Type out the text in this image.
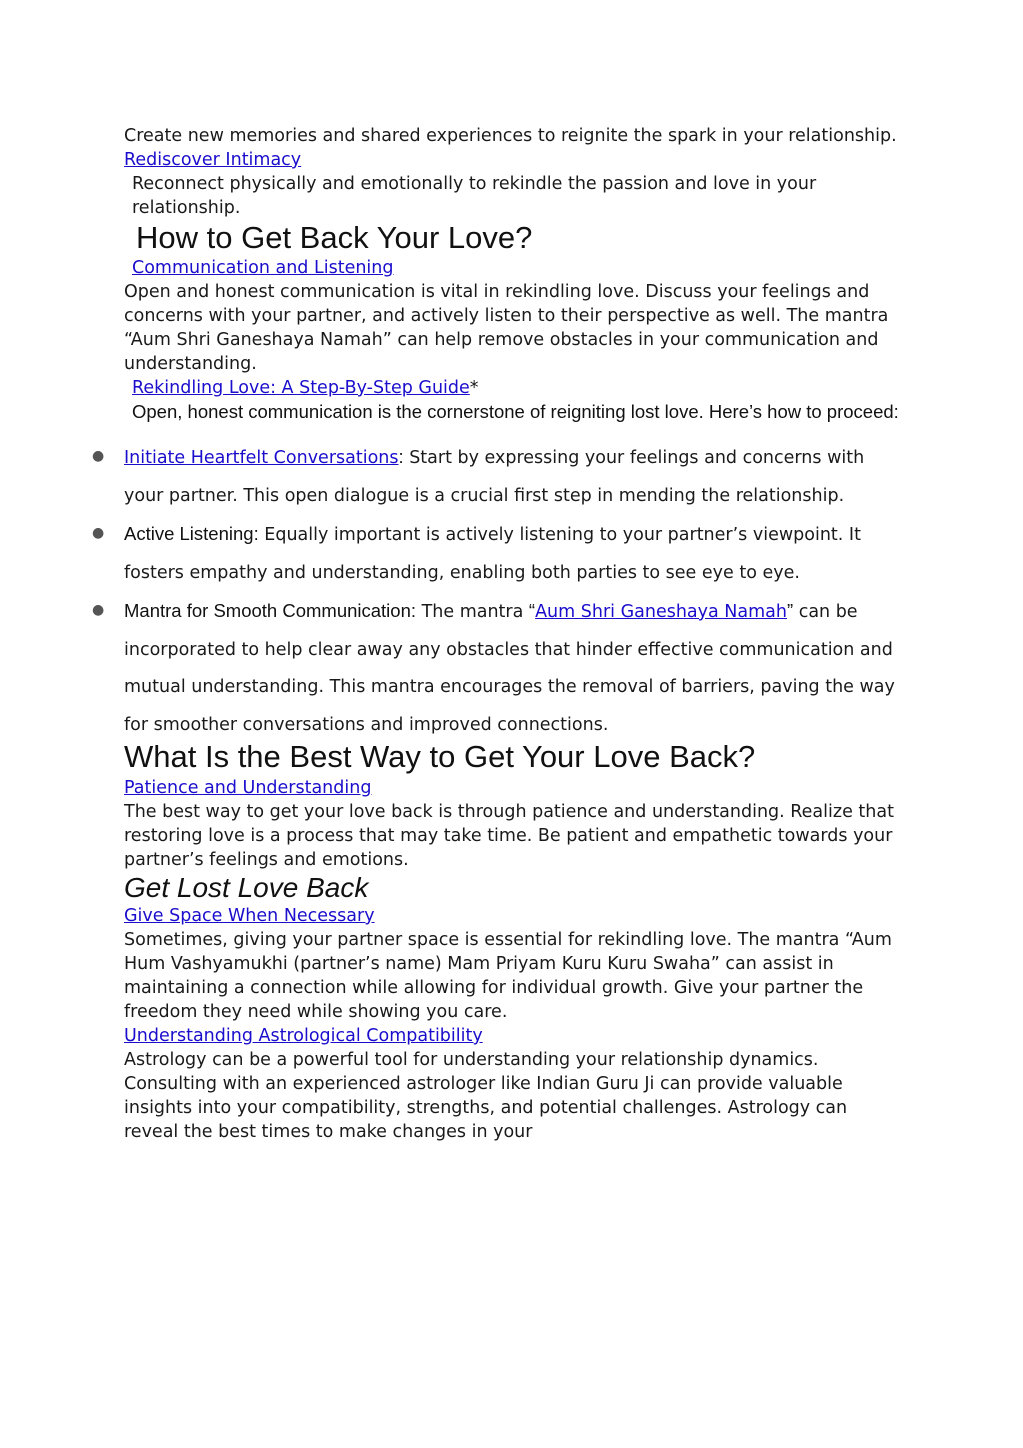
Create new memories and shared experiences to reignite the spark in your relationship.

Rediscover Intimacy

Reconnect physically and emotionally to rekindle the passion and love in your relationship.

How to Get Back Your Love?

Communication and Listening

Open and honest communication is vital in rekindling love. Discuss your feelings and concerns with your partner, and actively listen to their perspective as well. The mantra “Aum Shri Ganeshaya Namah” can help remove obstacles in your communication and understanding.

Rekindling Love: A Step-By-Step Guide*

Open, honest communication is the cornerstone of reigniting lost love. Here’s how to proceed:

● Initiate Heartfelt Conversations: Start by expressing your feelings and concerns with your partner. This open dialogue is a crucial first step in mending the relationship.
● Active Listening: Equally important is actively listening to your partner’s viewpoint. It fosters empathy and understanding, enabling both parties to see eye to eye.
● Mantra for Smooth Communication: The mantra “Aum Shri Ganeshaya Namah” can be incorporated to help clear away any obstacles that hinder effective communication and mutual understanding. This mantra encourages the removal of barriers, paving the way for smoother conversations and improved connections.
What Is the Best Way to Get Your Love Back?

Patience and Understanding

The best way to get your love back is through patience and understanding. Realize that restoring love is a process that may take time. Be patient and empathetic towards your partner’s feelings and emotions.

Get Lost Love Back

Give Space When Necessary

Sometimes, giving your partner space is essential for rekindling love. The mantra “Aum Hum Vashyamukhi (partner’s name) Mam Priyam Kuru Kuru Swaha” can assist in maintaining a connection while allowing for individual growth. Give your partner the freedom they need while showing you care.

Understanding Astrological Compatibility

Astrology can be a powerful tool for understanding your relationship dynamics. Consulting with an experienced astrologer like Indian Guru Ji can provide valuable insights into your compatibility, strengths, and potential challenges. Astrology can reveal the best times to make changes in your
